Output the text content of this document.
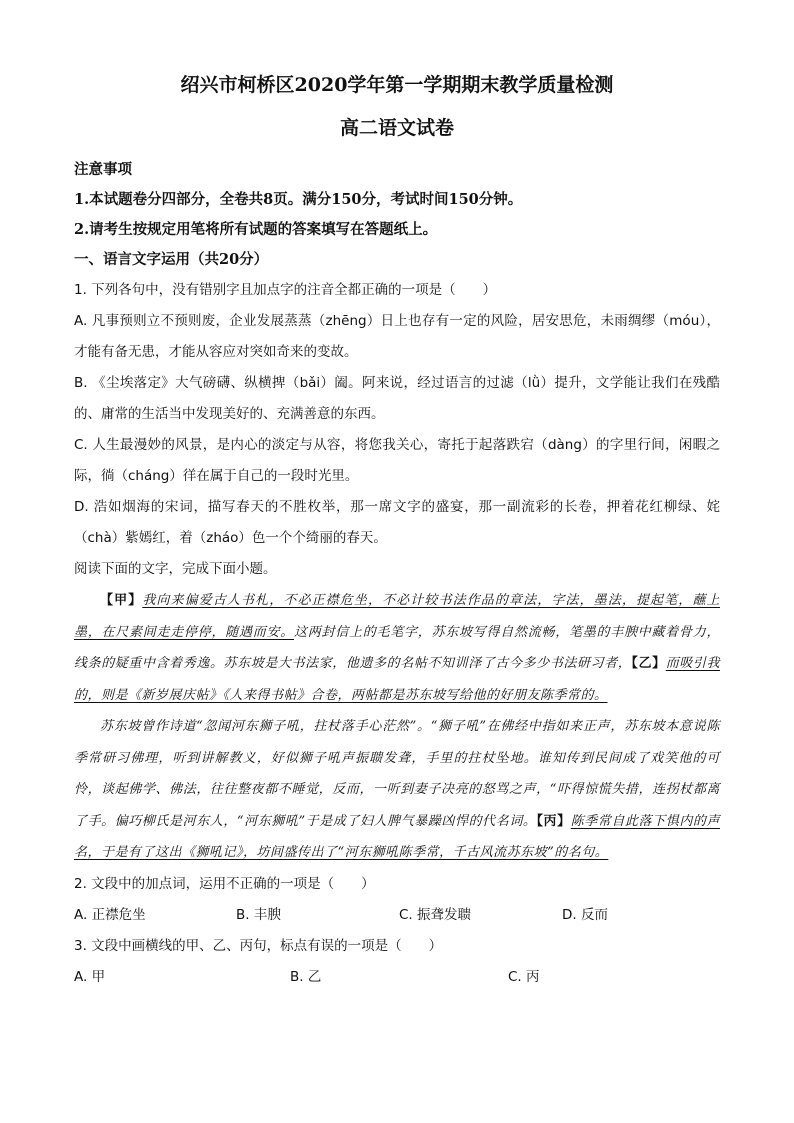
绍兴市柯桥区2020学年第一学期期末教学质量检测
高二语文试卷
注意事项
1.本试题卷分四部分，全卷共8页。满分150分，考试时间150分钟。
2.请考生按规定用笔将所有试题的答案填写在答题纸上。
一、语言文字运用（共20分）

1. 下列各句中，没有错别字且加点字的注音全都正确的一项是（　　）

A. 凡事预则立不预则废，企业发展蒸蒸（zhēng）日上也存有一定的风险，居安思危，未雨绸缪（móu），才能有备无患，才能从容应对突如奇来的变故。

B. 《尘埃落定》大气磅礴、纵横捭（bǎi）阖。阿来说，经过语言的过滤（lǜ）提升，文学能让我们在残酷的、庸常的生活当中发现美好的、充满善意的东西。

C. 人生最漫妙的风景，是内心的淡定与从容，将您我关心，寄托于起落跌宕（dàng）的字里行间，闲暇之际，徜（cháng）徉在属于自己的一段时光里。

D. 浩如烟海的宋词，描写春天的不胜枚举，那一席文字的盛宴，那一副流彩的长卷，押着花红柳绿、姹（chà）紫嫣红，着（zháo）色一个个绮丽的春天。

阅读下面的文字，完成下面小题。

【甲】我向来偏爱古人书札，不必正襟危坐，不必计较书法作品的章法，字法，墨法，提起笔，蘸上墨，在尺素间走走停停，随遇而安。这两封信上的毛笔字，苏东坡写得自然流畅，笔墨的丰腴中藏着骨力，线条的疑重中含着秀逸。苏东坡是大书法家，他遗多的名帖不知训泽了古今多少书法研习者，【乙】而吸引我的，则是《新岁展庆帖》《人来得书帖》合卷，两帖都是苏东坡写给他的好朋友陈季常的。

苏东坡曾作诗道“忽闻河东狮子吼，拄杖落手心茫然”。“狮子吼”在佛经中指如来正声，苏东坡本意说陈季常研习佛理，听到讲解教义，好似狮子吼声振聩发聋，手里的拄杖坠地。谁知传到民间成了戏笑他的可怜，谈起佛学、佛法，往往整夜都不睡觉，反而，一听到妻子决亮的怒骂之声，“吓得惊慌失措，连拐杖都离了手。偏巧柳氏是河东人，“河东狮吼”于是成了妇人脾气暴躁凶悍的代名词。【丙】陈季常自此落下惧内的声名，于是有了这出《狮吼记》，坊间盛传出了“河东狮吼陈季常，千古风流苏东坡”的名句。

2. 文段中的加点词，运用不正确的一项是（　　）

A. 正襟危坐	B. 丰腴	C. 振聋发聩	D. 反而

3. 文段中画横线的甲、乙、丙句，标点有误的一项是（　　）

A. 甲	B. 乙	C. 丙
